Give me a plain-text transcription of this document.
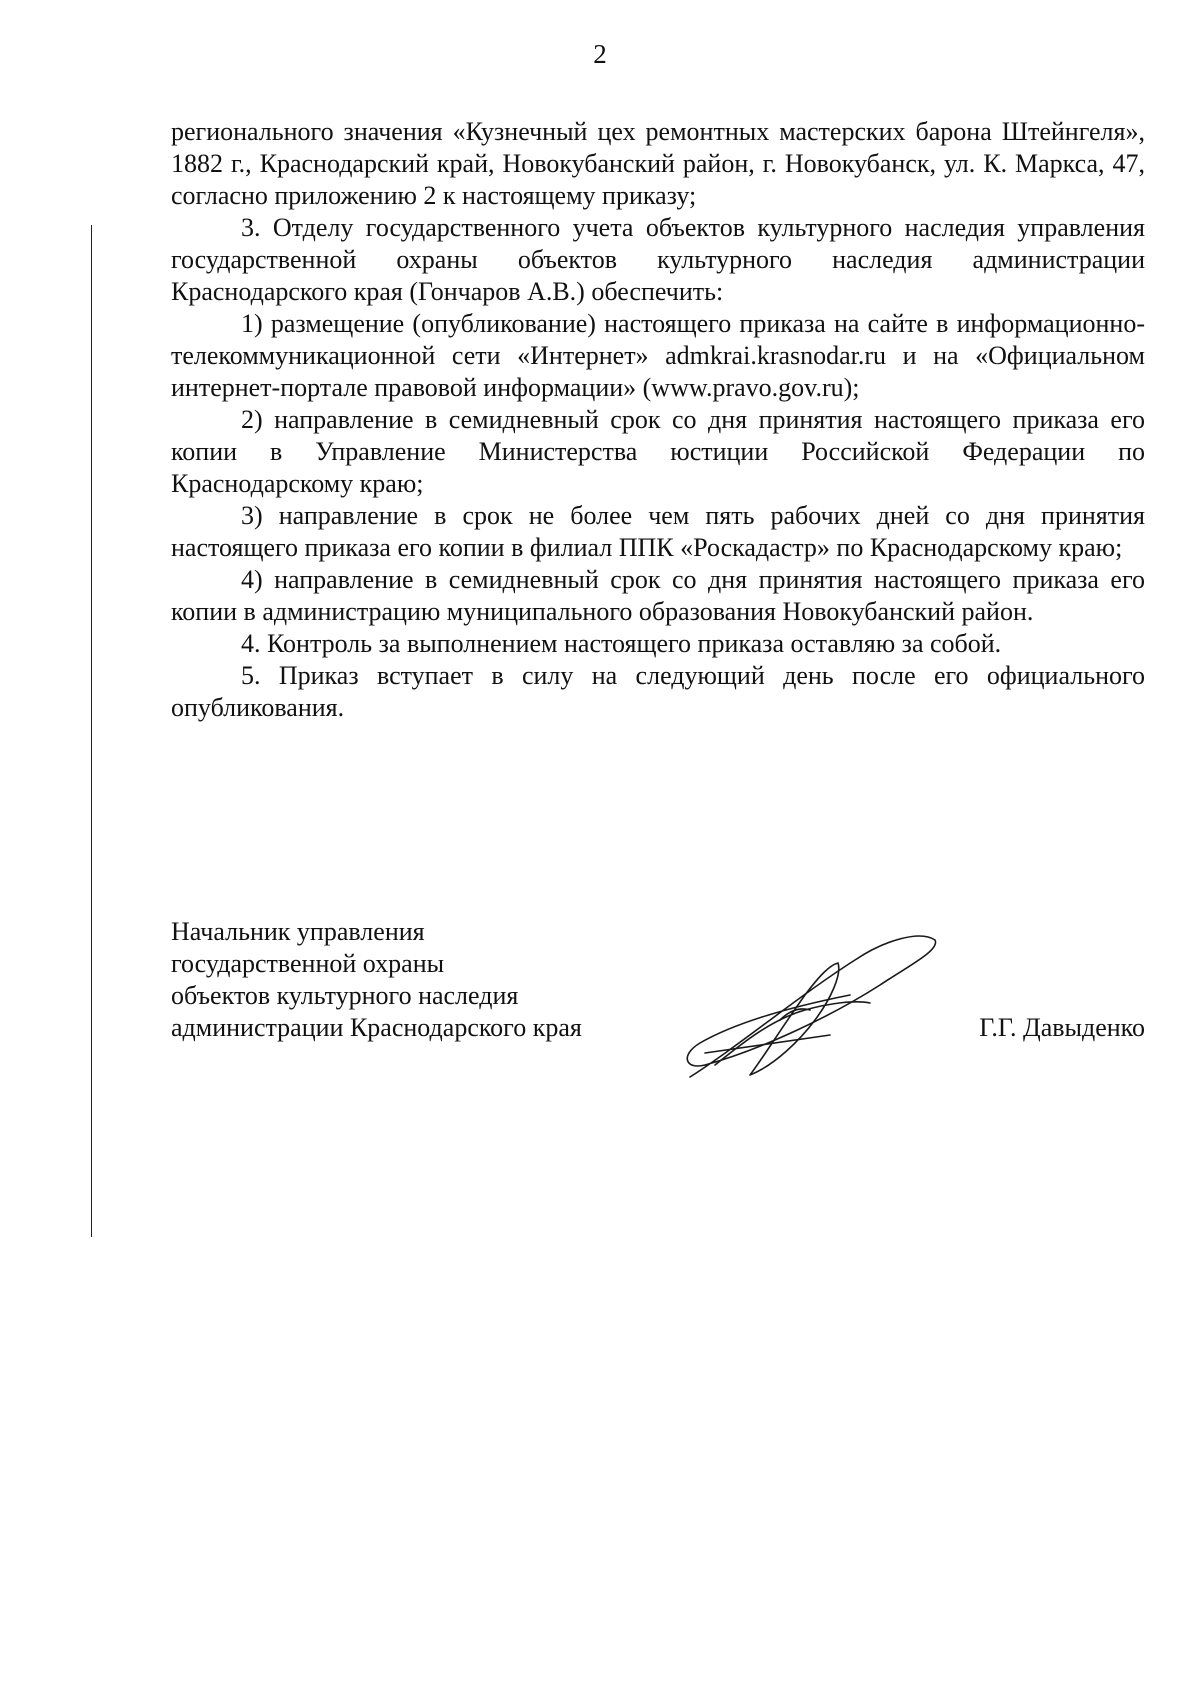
2

регионального значения «Кузнечный цех ремонтных мастерских барона Штейнгеля», 1882 г., Краснодарский край, Новокубанский район, г. Новокубанск, ул. К. Маркса, 47, согласно приложению 2 к настоящему приказу;

3. Отделу государственного учета объектов культурного наследия управления государственной охраны объектов культурного наследия администрации Краснодарского края (Гончаров А.В.) обеспечить:

1) размещение (опубликование) настоящего приказа на сайте в информационно-телекоммуникационной сети «Интернет» admkrai.krasnodar.ru и на «Официальном интернет-портале правовой информации» (www.pravo.gov.ru);

2) направление в семидневный срок со дня принятия настоящего приказа его копии в Управление Министерства юстиции Российской Федерации по Краснодарскому краю;

3) направление в срок не более чем пять рабочих дней со дня принятия настоящего приказа его копии в филиал ППК «Роскадастр» по Краснодарскому краю;

4) направление в семидневный срок со дня принятия настоящего приказа его копии в администрацию муниципального образования Новокубанский район.

4. Контроль за выполнением настоящего приказа оставляю за собой.

5. Приказ вступает в силу на следующий день после его официального опубликования.

Начальник управления
государственной охраны
объектов культурного наследия
администрации Краснодарского края	Г.Г. Давыденко
